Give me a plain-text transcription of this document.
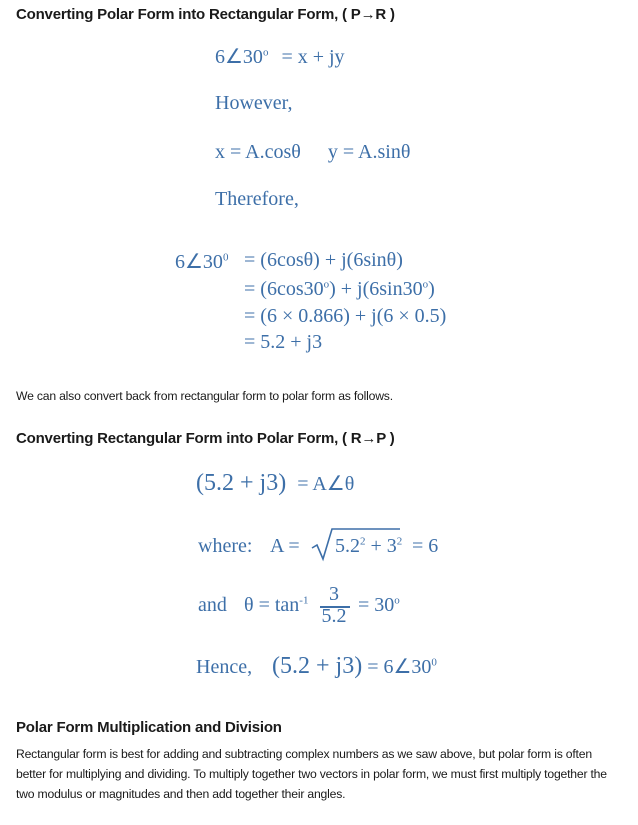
Converting Polar Form into Rectangular Form, ( P→R )
$6\angle 30^o = x$ + jy
However,
x = A.cosθ y = A.sinθ
Therefore,
$6\angle 30^0 = (6\cos\theta) + j(6\sin\theta)$
= $(6\cos 30^o) + j(6\sin 30^o)$
= (6 × 0.866) + j(6 × 0.5)
= 5.2 + j3

We can also convert back from rectangular form to polar form as follows.

Converting Rectangular Form into Polar Form, ( R→P )
(5.2 + j3) = A∠θ
where: $A = 5.2^2 + 3^2 = 6$
and $\theta = \tan^{-1}$	3
$5.2 = 30^o$
Hence, $(5.2 + j3) = 6\angle 30^0$
Polar Form Multiplication and Division

Rectangular form is best for adding and subtracting complex numbers as we saw above, but polar form is often better for multiplying and dividing. To multiply together two vectors in polar form, we must first multiply together the two modulus or magnitudes and then add together their angles.
